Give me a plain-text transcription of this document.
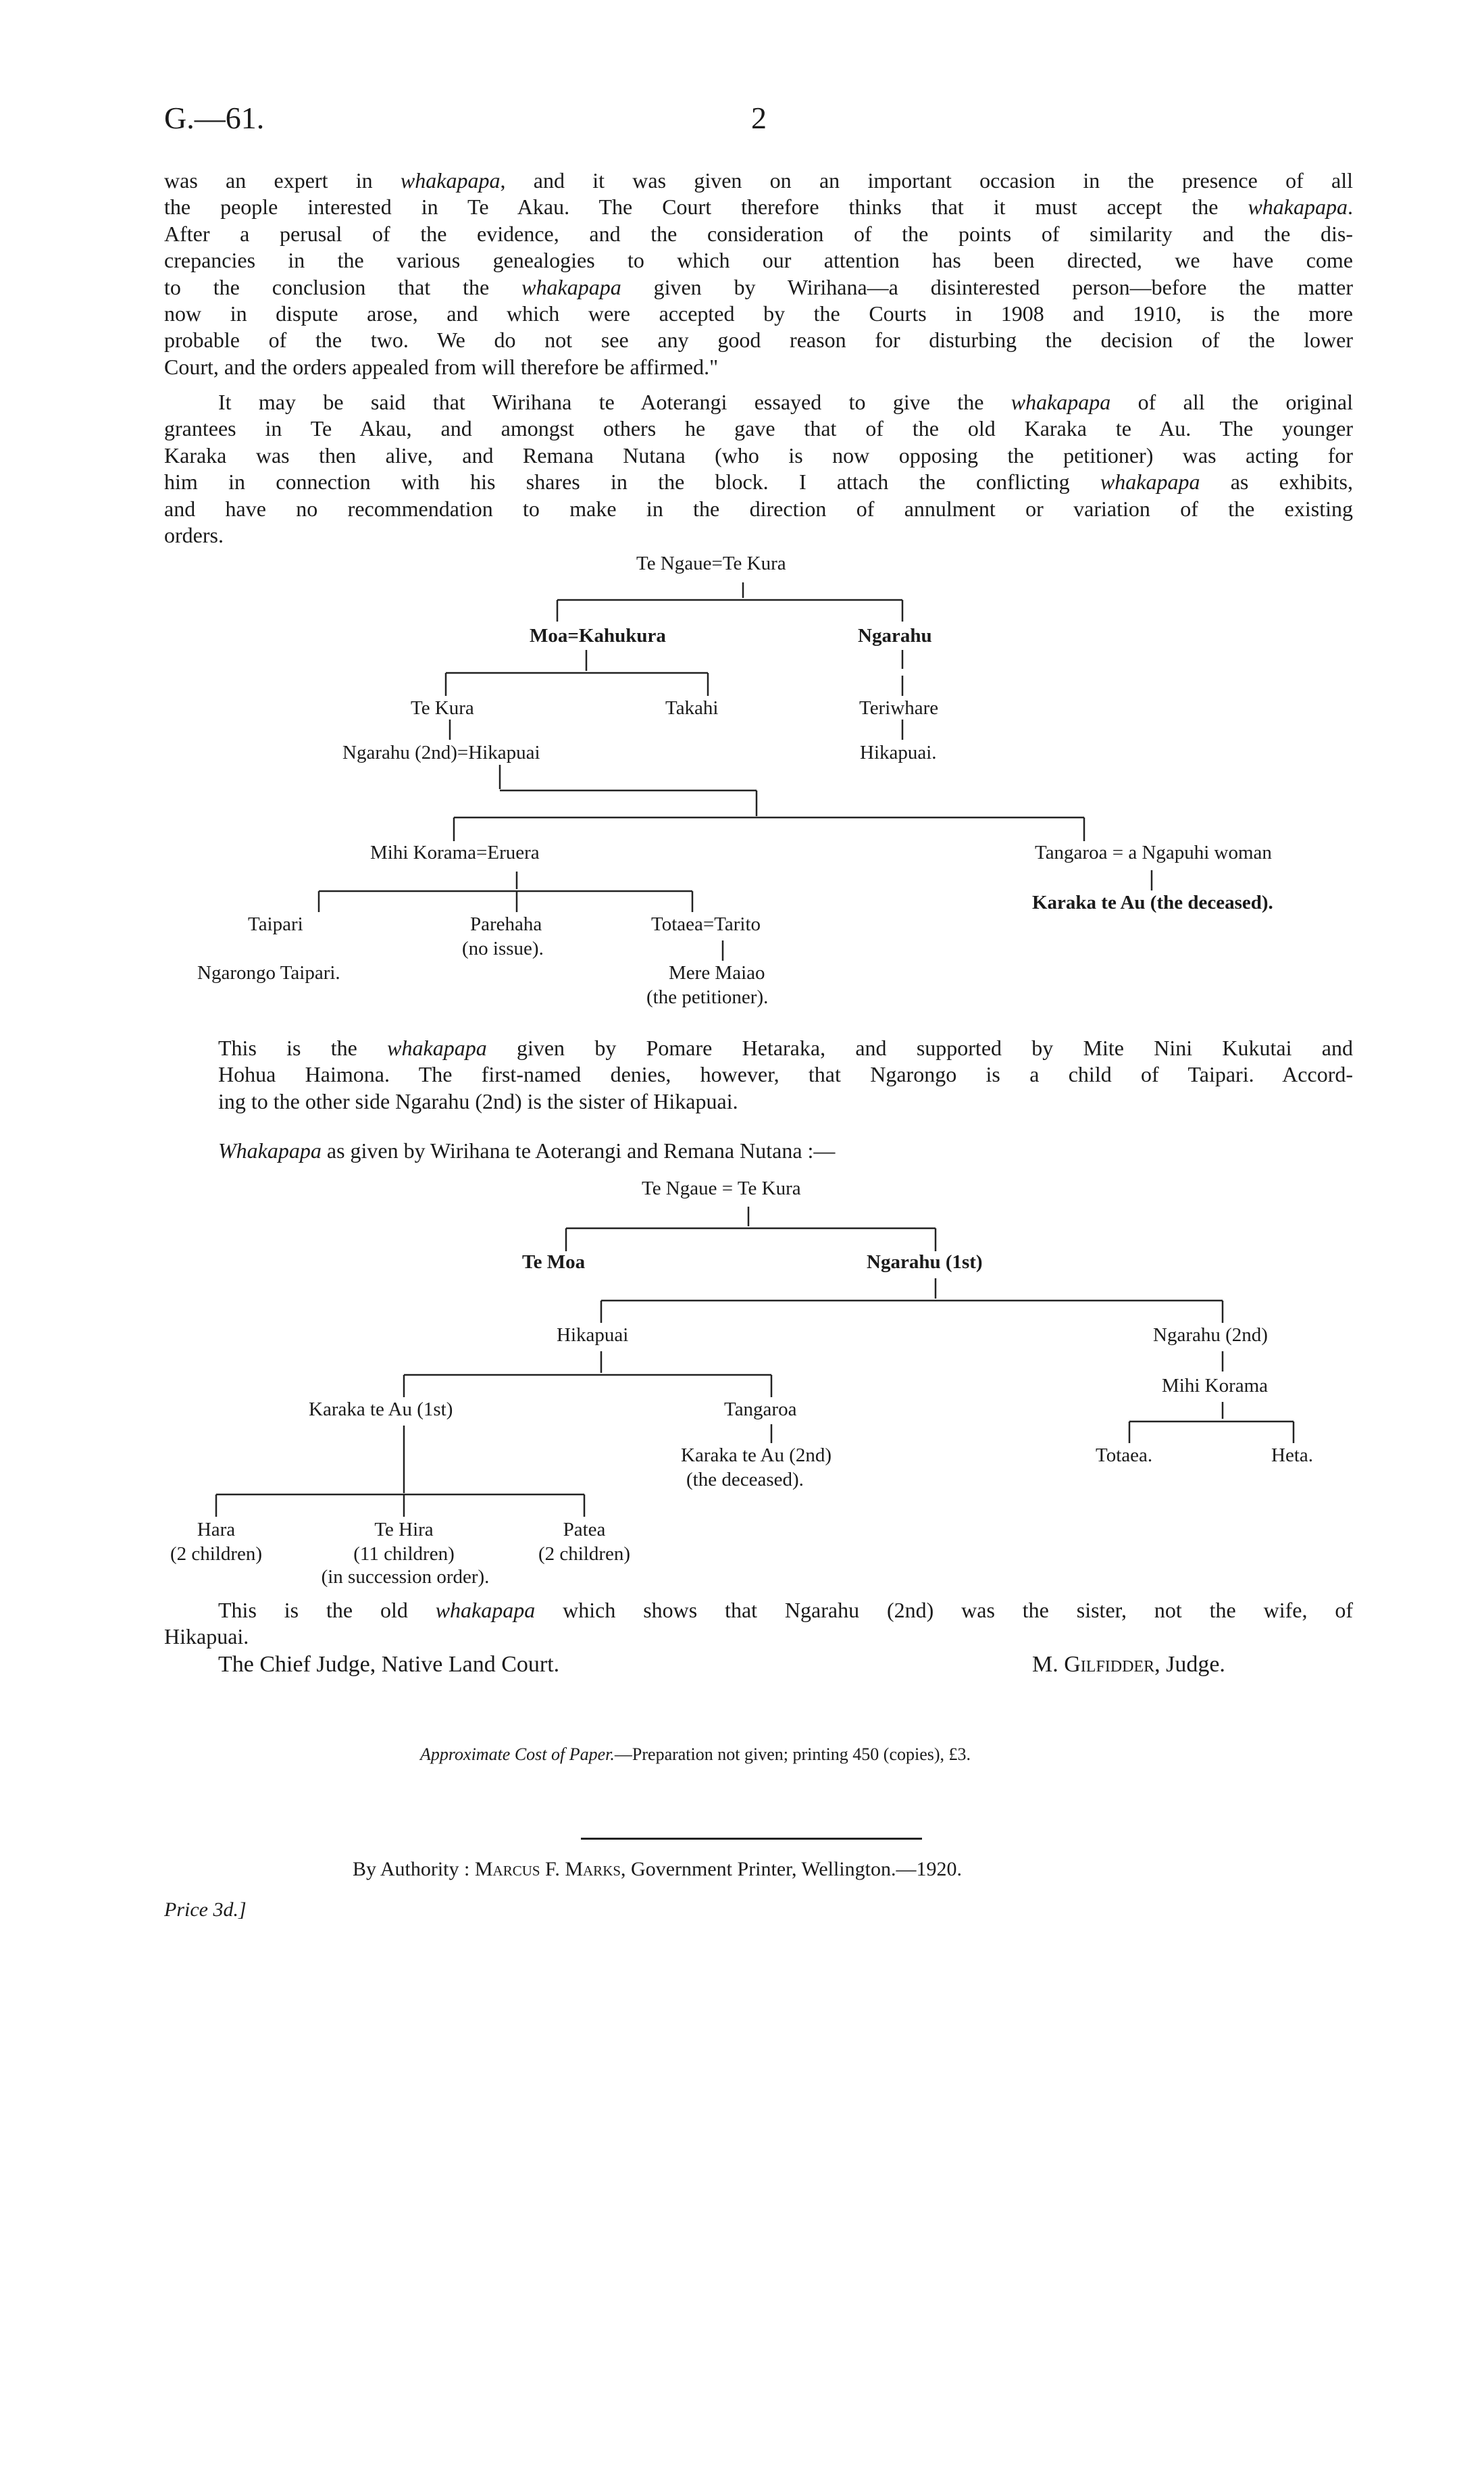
G.—61.	2
was an expert in whakapapa, and it was given on an important occasion in the presence of all
the people interested in Te Akau. The Court therefore thinks that it must accept the whakapapa.
After a perusal of the evidence, and the consideration of the points of similarity and the dis-
crepancies in the various genealogies to which our attention has been directed, we have come
to the conclusion that the whakapapa given by Wirihana—a disinterested person—before the matter
now in dispute arose, and which were accepted by the Courts in 1908 and 1910, is the more
probable of the two. We do not see any good reason for disturbing the decision of the lower
Court, and the orders appealed from will therefore be affirmed."
It may be said that Wirihana te Aoterangi essayed to give the whakapapa of all the original
grantees in Te Akau, and amongst others he gave that of the old Karaka te Au. The younger
Karaka was then alive, and Remana Nutana (who is now opposing the petitioner) was acting for
him in connection with his shares in the block. I attach the conflicting whakapapa as exhibits,
and have no recommendation to make in the direction of annulment or variation of the existing
orders.
Te Ngaue=Te Kura
Moa=Kahukura	Ngarahu
Te Kura	Takahi	Teriwhare
Ngarahu (2nd)=Hikapuai	Hikapuai.
Mihi Korama=Eruera	Tangaroa = a Ngapuhi woman
Karaka te Au (the deceased).
Taipari	Parehaha
(no issue).
Totaea=Tarito
Ngarongo Taipari.	Mere Maiao
(the petitioner).
This is the whakapapa given by Pomare Hetaraka, and supported by Mite Nini Kukutai and
Hohua Haimona. The first-named denies, however, that Ngarongo is a child of Taipari. Accord-
ing to the other side Ngarahu (2nd) is the sister of Hikapuai.
Whakapapa as given by Wirihana te Aoterangi and Remana Nutana :—
Te Ngaue = Te Kura
Te Moa	Ngarahu (1st)
Hikapuai	Ngarahu (2nd)
Karaka te Au (1st)	Tangaroa
Mihi Korama
Karaka te Au (2nd)
(the deceased).
Totaea.	Heta.
Hara
(2 children)
Te Hira
(11 children)
(in succession order).
Patea
(2 children)
This is the old whakapapa which shows that Ngarahu (2nd) was the sister, not the wife, of
Hikapuai.
The Chief Judge, Native Land Court.	M. Gilfidder, Judge.
Approximate Cost of Paper.—Preparation not given; printing 450 (copies), £3.
By Authority : Marcus F. Marks, Government Printer, Wellington.—1920.
Price 3d.]
